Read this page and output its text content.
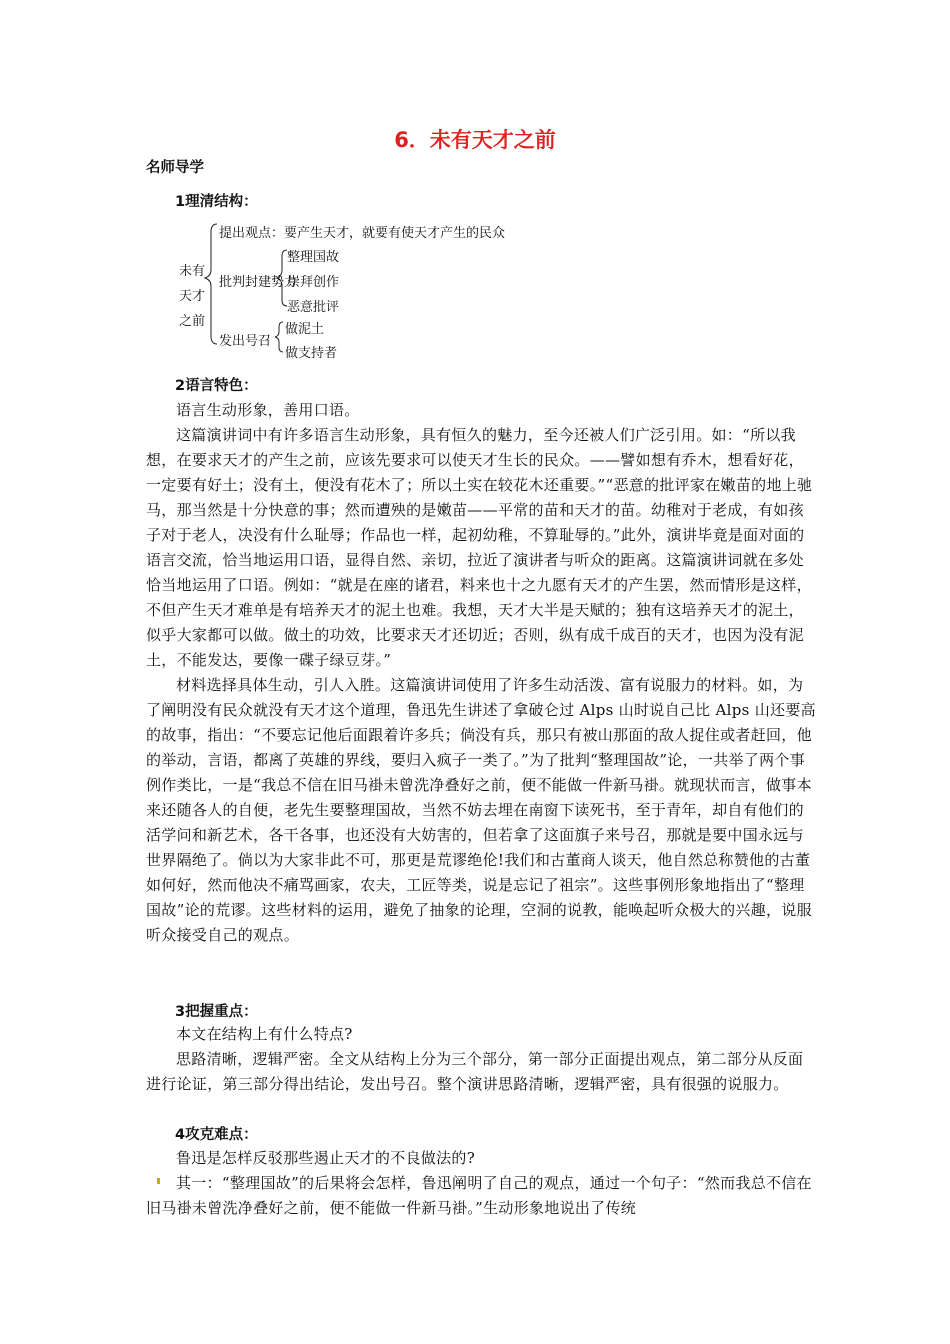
6．未有天才之前
名师导学
1理清结构：
未有
天才
之前
提出观点：要产生天才，就要有使天才产生的民众
批判封建势力
整理国故
崇拜创作
恶意批评
发出号召
做泥土
做支持者
2语言特色：

语言生动形象，善用口语。

这篇演讲词中有许多语言生动形象，具有恒久的魅力，至今还被人们广泛引用。如：“所以我想，在要求天才的产生之前，应该先要求可以使天才生长的民众。——譬如想有乔木，想看好花，一定要有好土；没有土，便没有花木了；所以土实在较花木还重要。”“恶意的批评家在嫩苗的地上驰马，那当然是十分快意的事；然而遭殃的是嫩苗——平常的苗和天才的苗。幼稚对于老成，有如孩子对于老人，决没有什么耻辱；作品也一样，起初幼稚，不算耻辱的。”此外，演讲毕竟是面对面的语言交流，恰当地运用口语，显得自然、亲切，拉近了演讲者与听众的距离。这篇演讲词就在多处恰当地运用了口语。例如：“就是在座的诸君，料来也十之九愿有天才的产生罢，然而情形是这样，不但产生天才难单是有培养天才的泥土也难。我想，天才大半是天赋的；独有这培养天才的泥土，似乎大家都可以做。做土的功效，比要求天才还切近；否则，纵有成千成百的天才，也因为没有泥土，不能发达，要像一碟子绿豆芽。”

材料选择具体生动，引人入胜。这篇演讲词使用了许多生动活泼、富有说服力的材料。如，为了阐明没有民众就没有天才这个道理，鲁迅先生讲述了拿破仑过 Alps 山时说自己比 Alps 山还要高的故事，指出：“不要忘记他后面跟着许多兵；倘没有兵，那只有被山那面的敌人捉住或者赶回，他的举动，言语，都离了英雄的界线，要归入疯子一类了。”为了批判“整理国故”论，一共举了两个事例作类比，一是“我总不信在旧马褂未曾洗净叠好之前，便不能做一件新马褂。就现状而言，做事本来还随各人的自便，老先生要整理国故，当然不妨去埋在南窗下读死书，至于青年，却自有他们的活学问和新艺术，各干各事，也还没有大妨害的，但若拿了这面旗子来号召，那就是要中国永远与世界隔绝了。倘以为大家非此不可，那更是荒谬绝伦!我们和古董商人谈天，他自然总称赞他的古董如何好，然而他决不痛骂画家，农夫，工匠等类，说是忘记了祖宗”。这些事例形象地指出了“整理国故”论的荒谬。这些材料的运用，避免了抽象的论理，空洞的说教，能唤起听众极大的兴趣，说服听众接受自己的观点。

3把握重点：

本文在结构上有什么特点?

思路清晰，逻辑严密。全文从结构上分为三个部分，第一部分正面提出观点，第二部分从反面进行论证，第三部分得出结论，发出号召。整个演讲思路清晰，逻辑严密，具有很强的说服力。

4攻克难点：

鲁迅是怎样反驳那些遏止天才的不良做法的?

其一：“整理国故”的后果将会怎样，鲁迅阐明了自己的观点，通过一个句子：“然而我总不信在旧马褂未曾洗净叠好之前，便不能做一件新马褂。”生动形象地说出了传统
